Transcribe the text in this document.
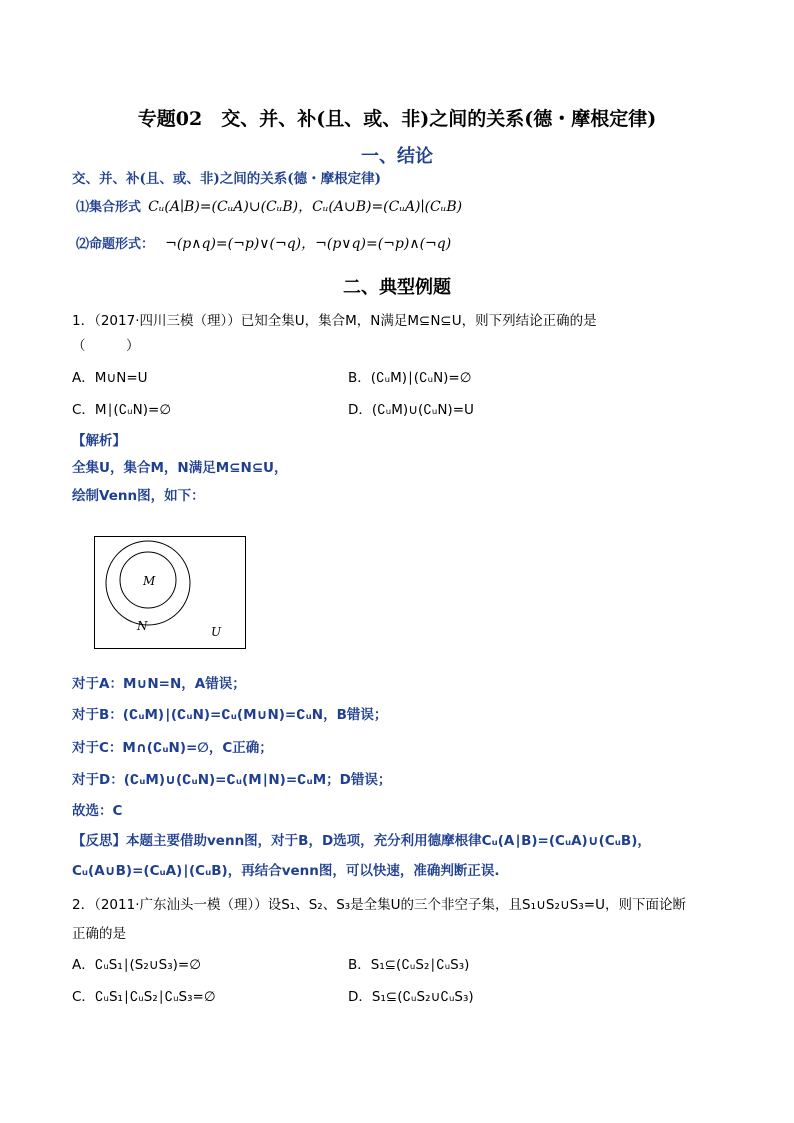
专题02　交、并、补(且、或、非)之间的关系(德・摩根定律)
一、结论
交、并、补(且、或、非)之间的关系(德・摩根定律)
⑴集合形式 Cᵤ(A∣B)=(CᵤA)∪(CᵤB)，Cᵤ(A∪B)=(CᵤA)∣(CᵤB)
⑵命题形式： ¬(p∧q)=(¬p)∨(¬q)，¬(p∨q)=(¬p)∧(¬q)
二、典型例题
1．（2017·四川三模（理））已知全集U，集合M，N满足M⊆N⊆U，则下列结论正确的是
（　　　）
A．M∪N=U	B．(∁ᵤM)∣(∁ᵤN)=∅
C．M∣(∁ᵤN)=∅	D．(∁ᵤM)∪(∁ᵤN)=U
【解析】
全集U，集合M，N满足M⊆N⊆U，
绘制Venn图，如下：
M
N	U
对于A：M∪N=N，A错误；
对于B：(∁ᵤM)∣(∁ᵤN)=∁ᵤ(M∪N)=∁ᵤN，B错误；
对于C：M∩(∁ᵤN)=∅，C正确；
对于D：(∁ᵤM)∪(∁ᵤN)=∁ᵤ(M∣N)=∁ᵤM；D错误；
故选：C
【反思】本题主要借助venn图，对于B，D选项，充分利用德摩根律Cᵤ(A∣B)=(CᵤA)∪(CᵤB)，
Cᵤ(A∪B)=(CᵤA)∣(CᵤB)，再结合venn图，可以快速，准确判断正误.
2．（2011·广东汕头一模（理））设S₁、S₂、S₃是全集U的三个非空子集，且S₁∪S₂∪S₃=U，则下面论断
正确的是
A．∁ᵤS₁∣(S₂∪S₃)=∅	B．S₁⊆(∁ᵤS₂∣∁ᵤS₃)
C．∁ᵤS₁∣∁ᵤS₂∣∁ᵤS₃=∅	D．S₁⊆(∁ᵤS₂∪∁ᵤS₃)
